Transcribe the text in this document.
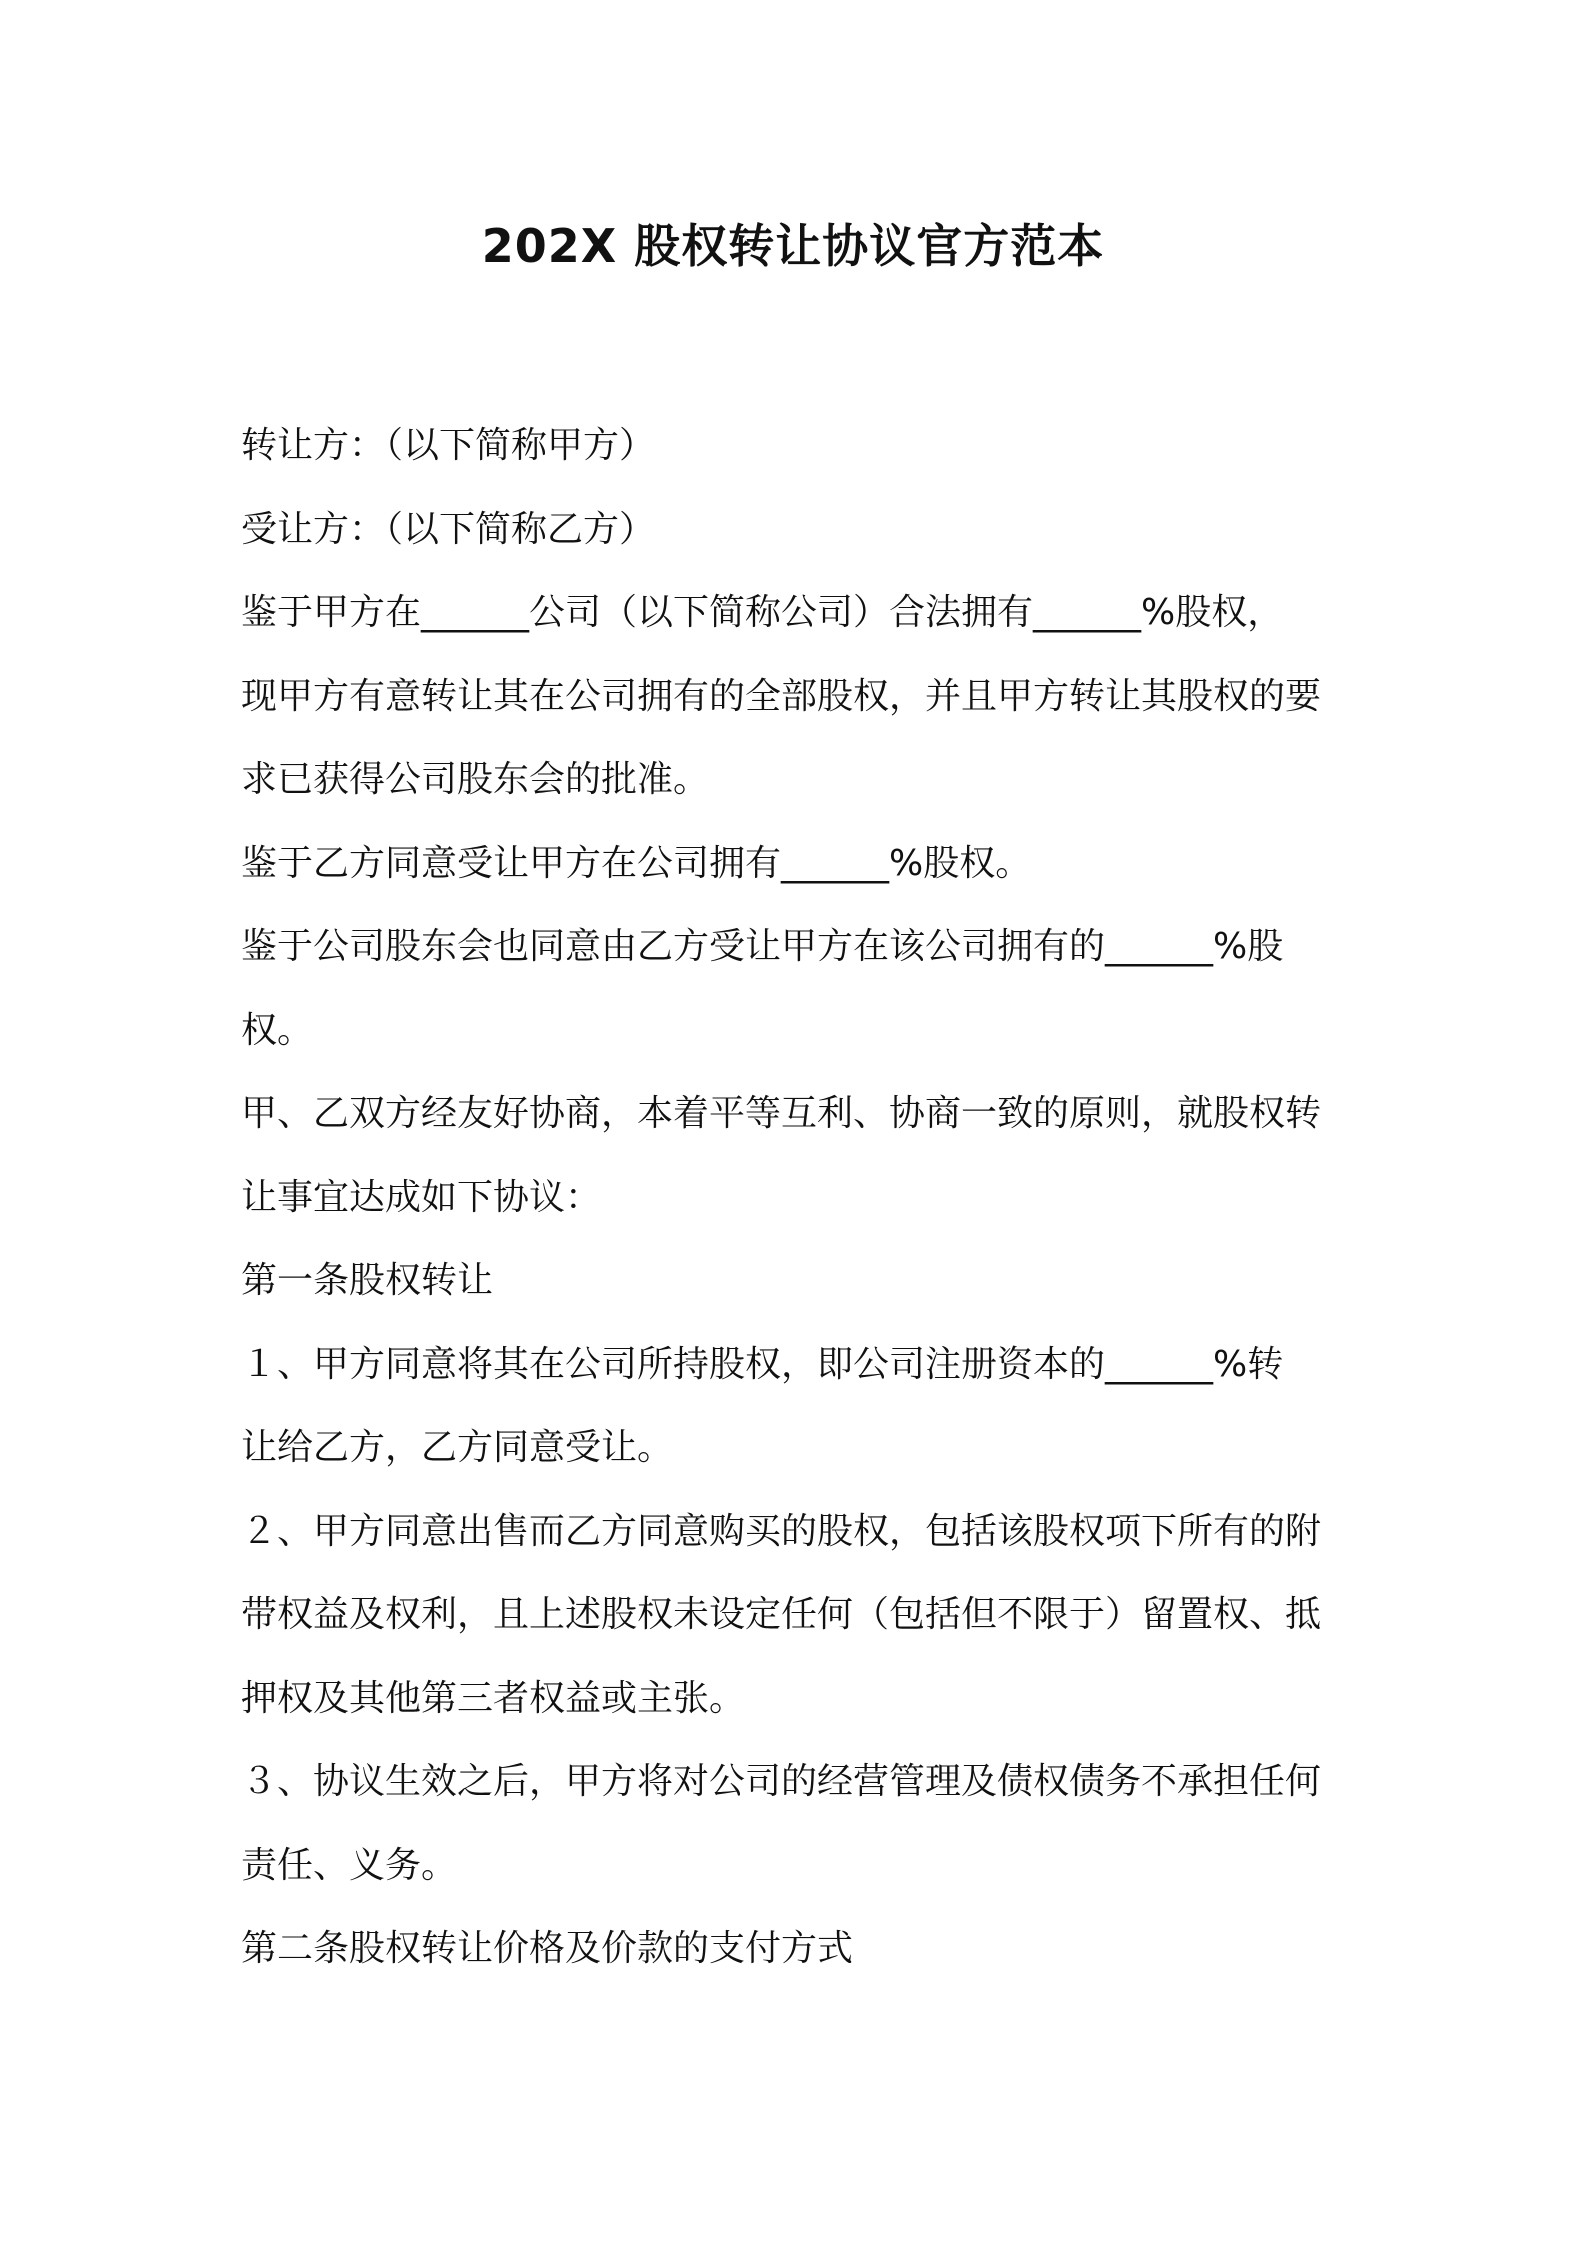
202X 股权转让协议官方范本
转让方：（以下简称甲方）
受让方：（以下简称乙方）
鉴于甲方在______公司（以下简称公司）合法拥有______%股权，
现甲方有意转让其在公司拥有的全部股权，并且甲方转让其股权的要
求已获得公司股东会的批准。
鉴于乙方同意受让甲方在公司拥有______%股权。
鉴于公司股东会也同意由乙方受让甲方在该公司拥有的______%股
权。
甲、乙双方经友好协商，本着平等互利、协商一致的原则，就股权转
让事宜达成如下协议：
第一条股权转让
１、甲方同意将其在公司所持股权，即公司注册资本的______%转
让给乙方，乙方同意受让。
２、甲方同意出售而乙方同意购买的股权，包括该股权项下所有的附
带权益及权利，且上述股权未设定任何（包括但不限于）留置权、抵
押权及其他第三者权益或主张。
３、协议生效之后，甲方将对公司的经营管理及债权债务不承担任何
责任、义务。
第二条股权转让价格及价款的支付方式
